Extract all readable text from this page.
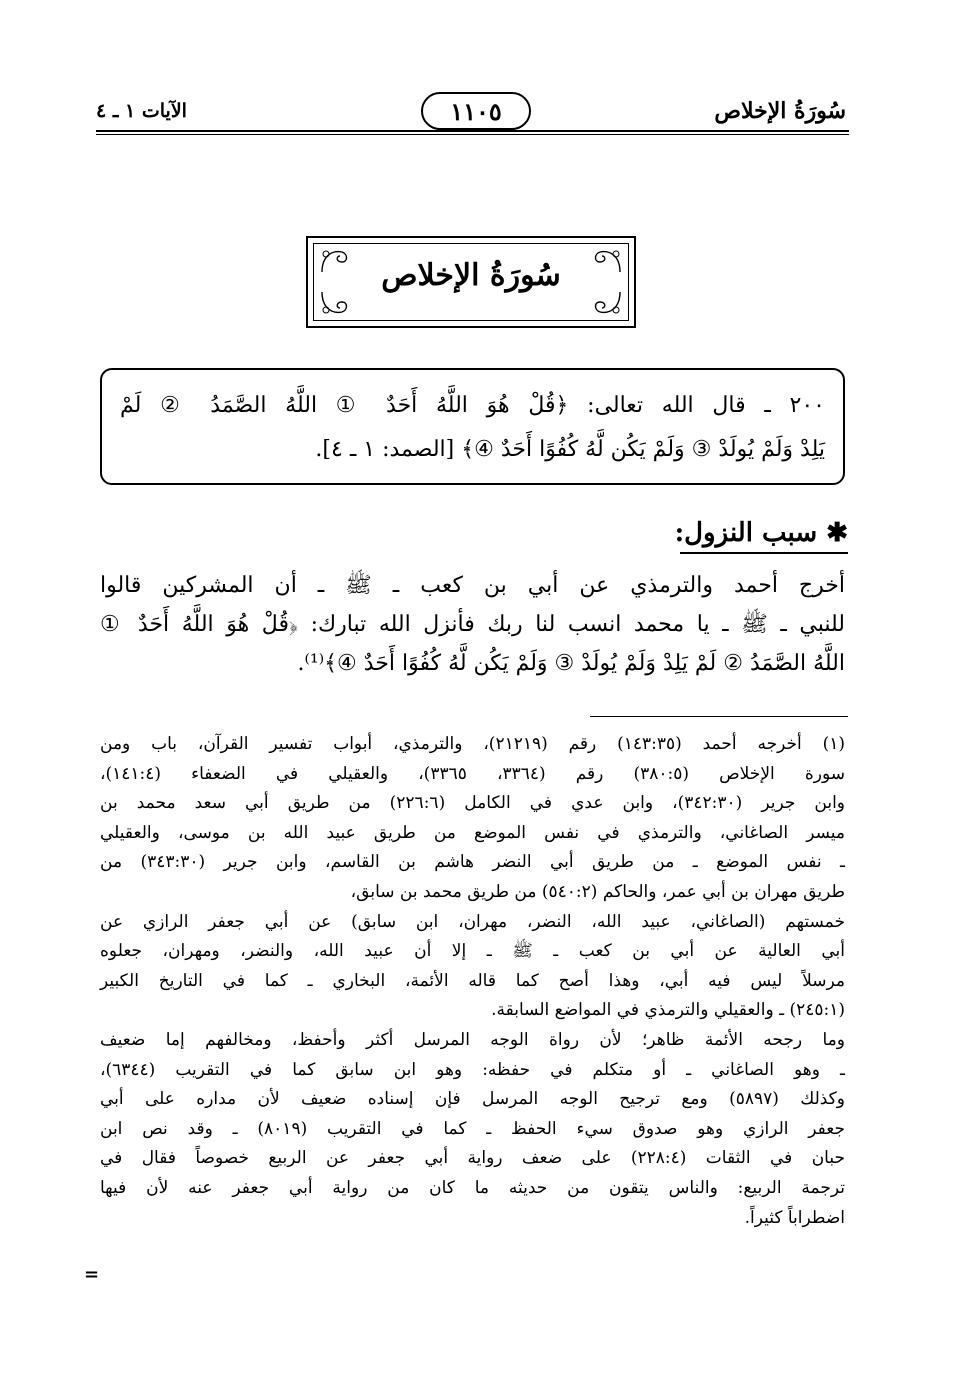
سُورَةُ الإخلاص
١١٠٥
الآيات ١ ـ ٤
سُورَةُ الإخلاص
٢٠٠ ـ قال الله تعالى: ﴿قُلْ هُوَ اللَّهُ أَحَدٌ ① اللَّهُ الصَّمَدُ ② لَمْ
يَلِدْ وَلَمْ يُولَدْ ③ وَلَمْ يَكُن لَّهُ كُفُوًا أَحَدٌ ④﴾ [الصمد: ١ ـ ٤].
✱ سبب النزول:
أخرج أحمد والترمذي عن أبي بن كعب ـ ﷺ ـ أن المشركين قالوا
للنبي ـ ﷺ ـ يا محمد انسب لنا ربك فأنزل الله تبارك: ﴿قُلْ هُوَ اللَّهُ أَحَدٌ ①
اللَّهُ الصَّمَدُ ② لَمْ يَلِدْ وَلَمْ يُولَدْ ③ وَلَمْ يَكُن لَّهُ كُفُوًا أَحَدٌ ④﴾⁽¹⁾.
(١) أخرجه أحمد (١٤٣:٣٥) رقم (٢١٢١٩)، والترمذي، أبواب تفسير القرآن، باب ومن
سورة الإخلاص (٣٨٠:٥) رقم (٣٣٦٤، ٣٣٦٥)، والعقيلي في الضعفاء (١٤١:٤)،
وابن جرير (٣٤٢:٣٠)، وابن عدي في الكامل (٢٢٦:٦) من طريق أبي سعد محمد بن
ميسر الصاغاني، والترمذي في نفس الموضع من طريق عبيد الله بن موسى، والعقيلي
ـ نفس الموضع ـ من طريق أبي النضر هاشم بن القاسم، وابن جرير (٣٤٣:٣٠) من
طريق مهران بن أبي عمر، والحاكم (٥٤٠:٢) من طريق محمد بن سابق،
خمستهم (الصاغاني، عبيد الله، النضر، مهران، ابن سابق) عن أبي جعفر الرازي عن
أبي العالية عن أبي بن كعب ـ ﷺ ـ إلا أن عبيد الله، والنضر، ومهران، جعلوه
مرسلاً ليس فيه أبي، وهذا أصح كما قاله الأئمة، البخاري ـ كما في التاريخ الكبير
(٢٤٥:١) ـ والعقيلي والترمذي في المواضع السابقة.
وما رجحه الأئمة ظاهر؛ لأن رواة الوجه المرسل أكثر وأحفظ، ومخالفهم إما ضعيف
ـ وهو الصاغاني ـ أو متكلم في حفظه: وهو ابن سابق كما في التقريب (٦٣٤٤)،
وكذلك (٥٨٩٧) ومع ترجيح الوجه المرسل فإن إسناده ضعيف لأن مداره على أبي
جعفر الرازي وهو صدوق سيء الحفظ ـ كما في التقريب (٨٠١٩) ـ وقد نص ابن
حبان في الثقات (٢٢٨:٤) على ضعف رواية أبي جعفر عن الربيع خصوصاً فقال في
ترجمة الربيع: والناس يتقون من حديثه ما كان من رواية أبي جعفر عنه لأن فيها
اضطراباً كثيراً.
=
